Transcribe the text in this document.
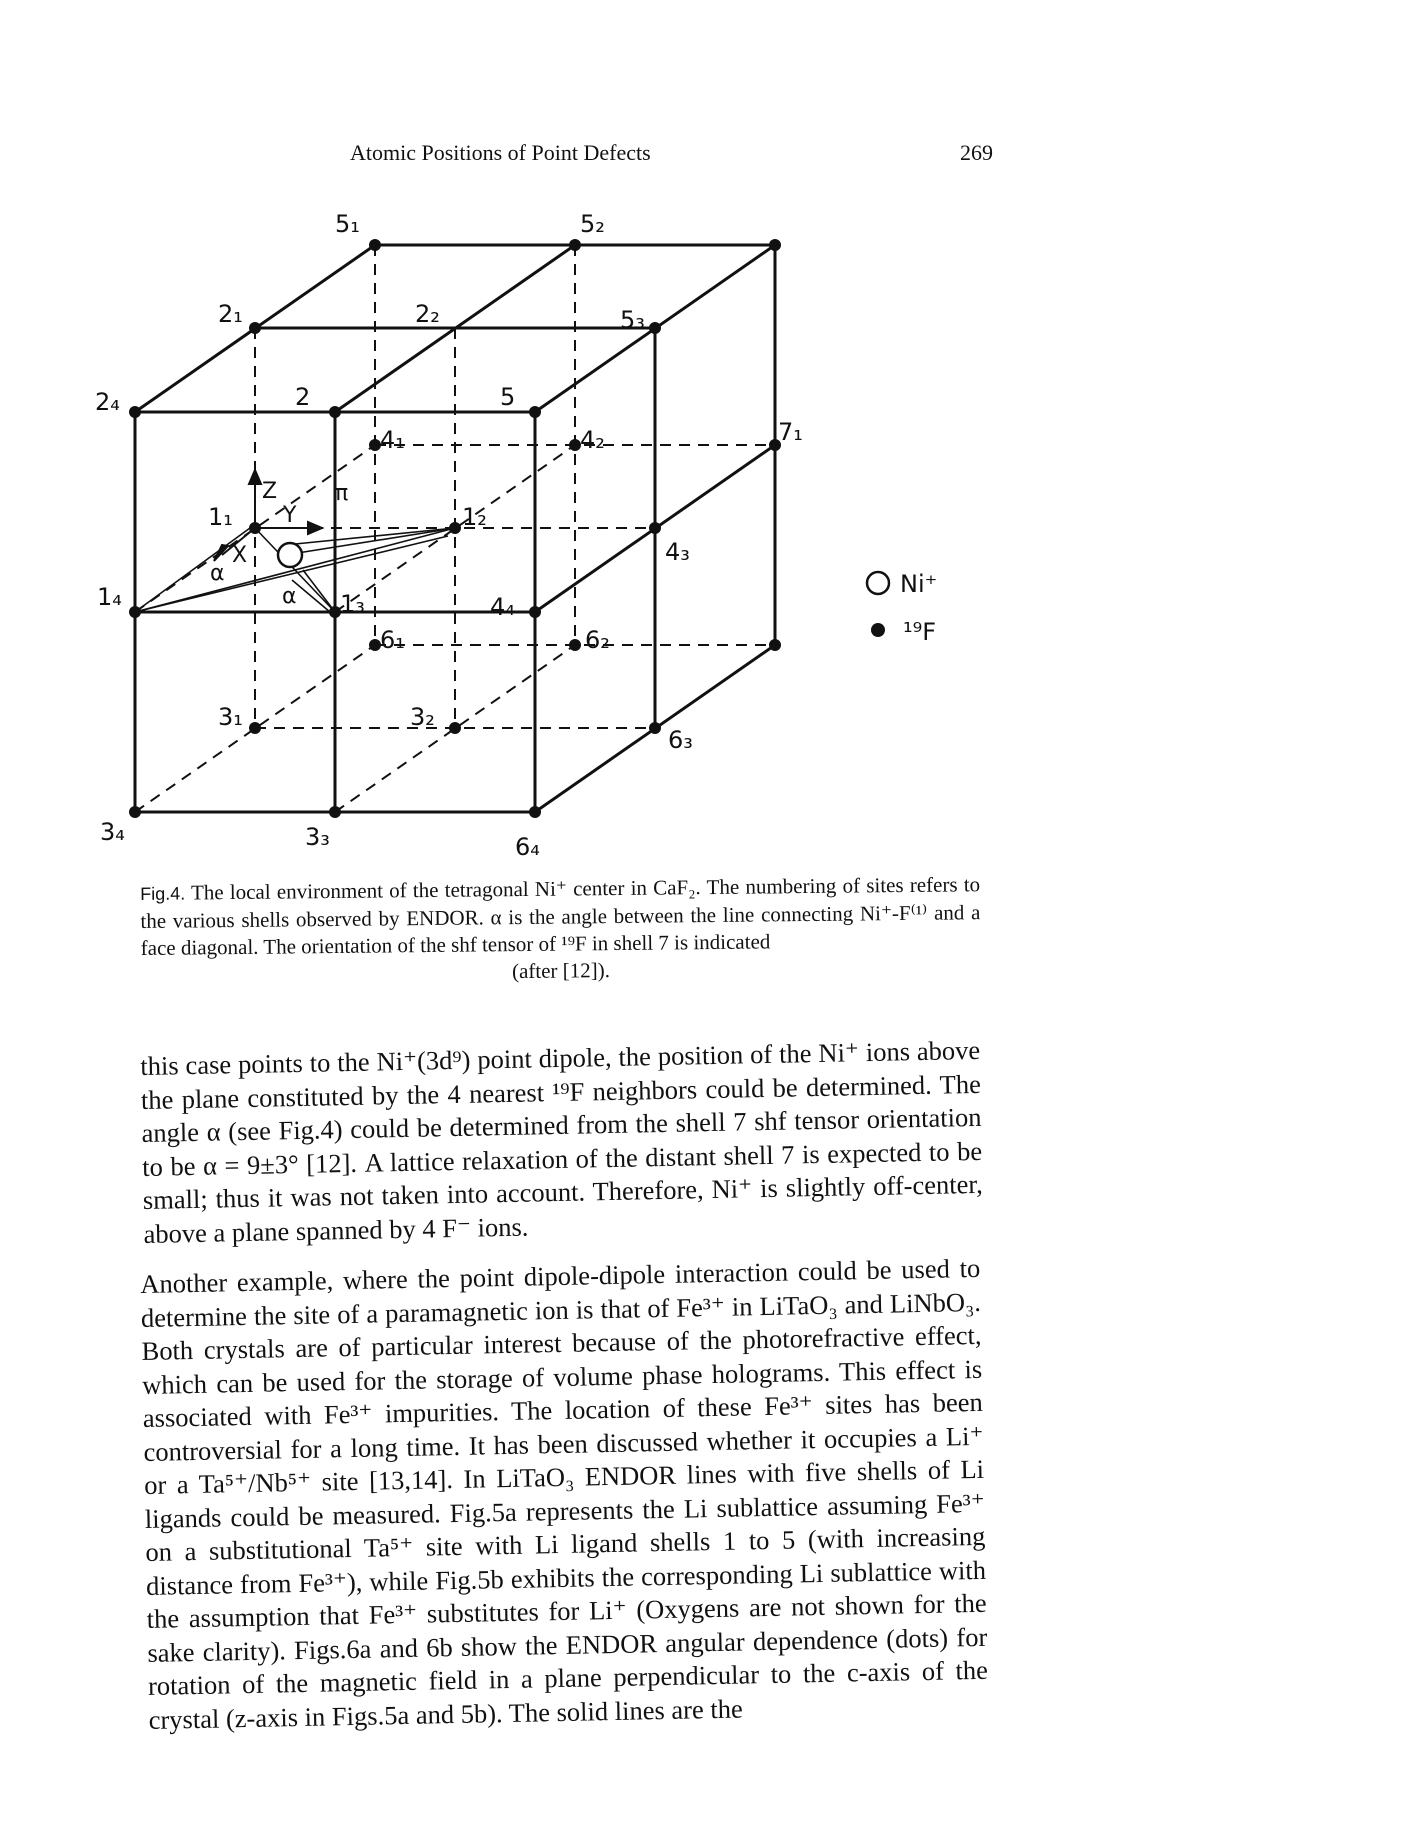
Atomic Positions of Point Defects	269
5₁	5₂
5₃
2₁	2₂
2₄	2	5
4₁	4₂
4₃
4₄
7₁
1₁	1₂
1₃
1₄
6₁	6₂
6₃
6₄
3₁	3₂
3₃
3₄
Z
Y
X
π
α
α	Ni⁺
¹⁹F
Fig.4. The local environment of the tetragonal Ni⁺ center in CaF₂. The numbering of sites refers to the various shells observed by ENDOR. α is the angle between the line connecting Ni⁺-F⁽¹⁾ and a face diagonal. The orientation of the shf tensor of ¹⁹F in shell 7 is indicated
(after [12]).
this case points to the Ni⁺(3d⁹) point dipole, the position of the Ni⁺ ions above the plane constituted by the 4 nearest ¹⁹F neighbors could be determined. The angle α (see Fig.4) could be determined from the shell 7 shf tensor orientation to be α = 9±3° [12]. A lattice relaxation of the distant shell 7 is expected to be small; thus it was not taken into account. Therefore, Ni⁺ is slightly off-center, above a plane spanned by 4 F⁻ ions.
Another example, where the point dipole-dipole interaction could be used to determine the site of a paramagnetic ion is that of Fe³⁺ in LiTaO₃ and LiNbO₃. Both crystals are of particular interest because of the photorefractive effect, which can be used for the storage of volume phase holograms. This effect is associated with Fe³⁺ impurities. The location of these Fe³⁺ sites has been controversial for a long time. It has been discussed whether it occupies a Li⁺ or a Ta⁵⁺/Nb⁵⁺ site [13,14]. In LiTaO₃ ENDOR lines with five shells of Li ligands could be measured. Fig.5a represents the Li sublattice assuming Fe³⁺ on a substitutional Ta⁵⁺ site with Li ligand shells 1 to 5 (with increasing distance from Fe³⁺), while Fig.5b exhibits the corresponding Li sublattice with the assumption that Fe³⁺ substitutes for Li⁺ (Oxygens are not shown for the sake clarity). Figs.6a and 6b show the ENDOR angular dependence (dots) for rotation of the magnetic field in a plane perpendicular to the c-axis of the crystal (z-axis in Figs.5a and 5b). The solid lines are the
